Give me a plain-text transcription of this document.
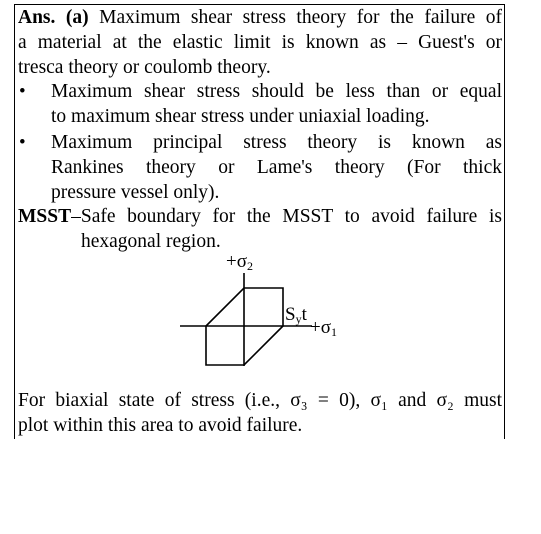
Ans. (a) Maximum shear stress theory for the failure of

a material at the elastic limit is known as – Guest's or

tresca theory or coulomb theory.

• Maximum shear stress should be less than or equal

to maximum shear stress under uniaxial loading.

• Maximum principal stress theory is known as

Rankines theory or Lame's theory (For thick

pressure vessel only).

MSST–Safe boundary for the MSST to avoid failure is

hexagonal region.

$+\sigma_2$
$+\sigma_1$
$S_yt$

For biaxial state of stress (i.e., σ₃ = 0), σ₁ and σ₂ must

plot within this area to avoid failure.
